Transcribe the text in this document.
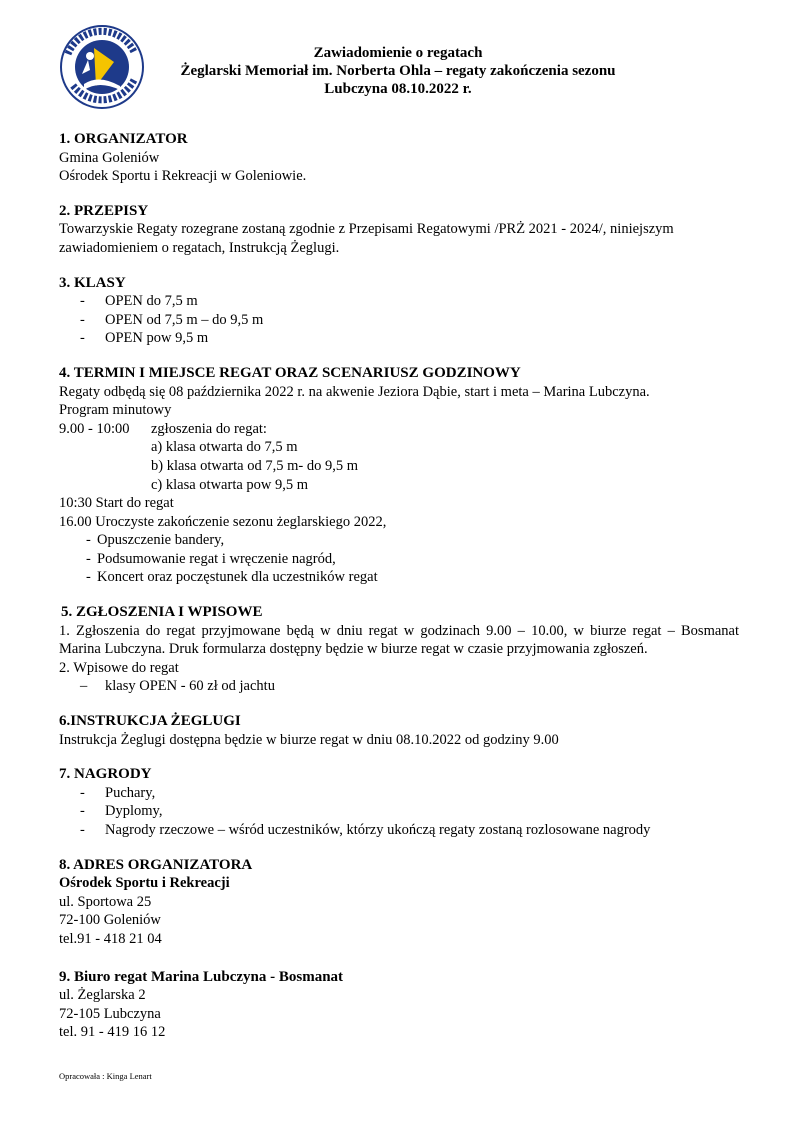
Zawiadomienie o regatach
Żeglarski Memoriał im. Norberta Ohla – regaty zakończenia sezonu
Lubczyna 08.10.2022 r.

1. ORGANIZATOR

Gmina Goleniów

Ośrodek Sportu i Rekreacji w Goleniowie.

2. PRZEPISY

Towarzyskie Regaty rozegrane zostaną zgodnie z Przepisami Regatowymi /PRŻ 2021 - 2024/, niniejszym zawiadomieniem o regatach, Instrukcją Żeglugi.

3. KLASY

- OPEN do 7,5 m
- OPEN od 7,5 m – do 9,5 m
- OPEN pow 9,5 m

4. TERMIN I MIEJSCE REGAT ORAZ SCENARIUSZ GODZINOWY

Regaty odbędą się 08 października 2022 r. na akwenie Jeziora Dąbie, start i meta – Marina Lubczyna.

Program minutowy

9.00 - 10:00	zgłoszenia do regat:

a) klasa otwarta do 7,5 m

b) klasa otwarta od 7,5 m- do 9,5 m

c) klasa otwarta pow 9,5 m

10:30 Start do regat

16.00 Uroczyste zakończenie sezonu żeglarskiego 2022,

- Opuszczenie bandery,
- Podsumowanie regat i wręczenie nagród,
- Koncert oraz poczęstunek dla uczestników regat

5. ZGŁOSZENIA I WPISOWE

1. Zgłoszenia do regat przyjmowane będą w dniu regat w godzinach 9.00 – 10.00, w biurze regat – Bosmanat Marina Lubczyna. Druk formularza dostępny będzie w biurze regat w czasie przyjmowania zgłoszeń.

2. Wpisowe do regat

– klasy OPEN - 60 zł od jachtu

6.INSTRUKCJA ŻEGLUGI

Instrukcja Żeglugi dostępna będzie w biurze regat w dniu 08.10.2022 od godziny 9.00

7. NAGRODY

- Puchary,
- Dyplomy,
- Nagrody rzeczowe – wśród uczestników, którzy ukończą regaty zostaną rozlosowane nagrody

8. ADRES ORGANIZATORA

Ośrodek Sportu i Rekreacji

ul. Sportowa 25

72-100 Goleniów

tel.91 - 418 21 04

9. Biuro regat Marina Lubczyna - Bosmanat

ul. Żeglarska 2

72-105 Lubczyna

tel. 91 - 419 16 12

Opracowała : Kinga Lenart
